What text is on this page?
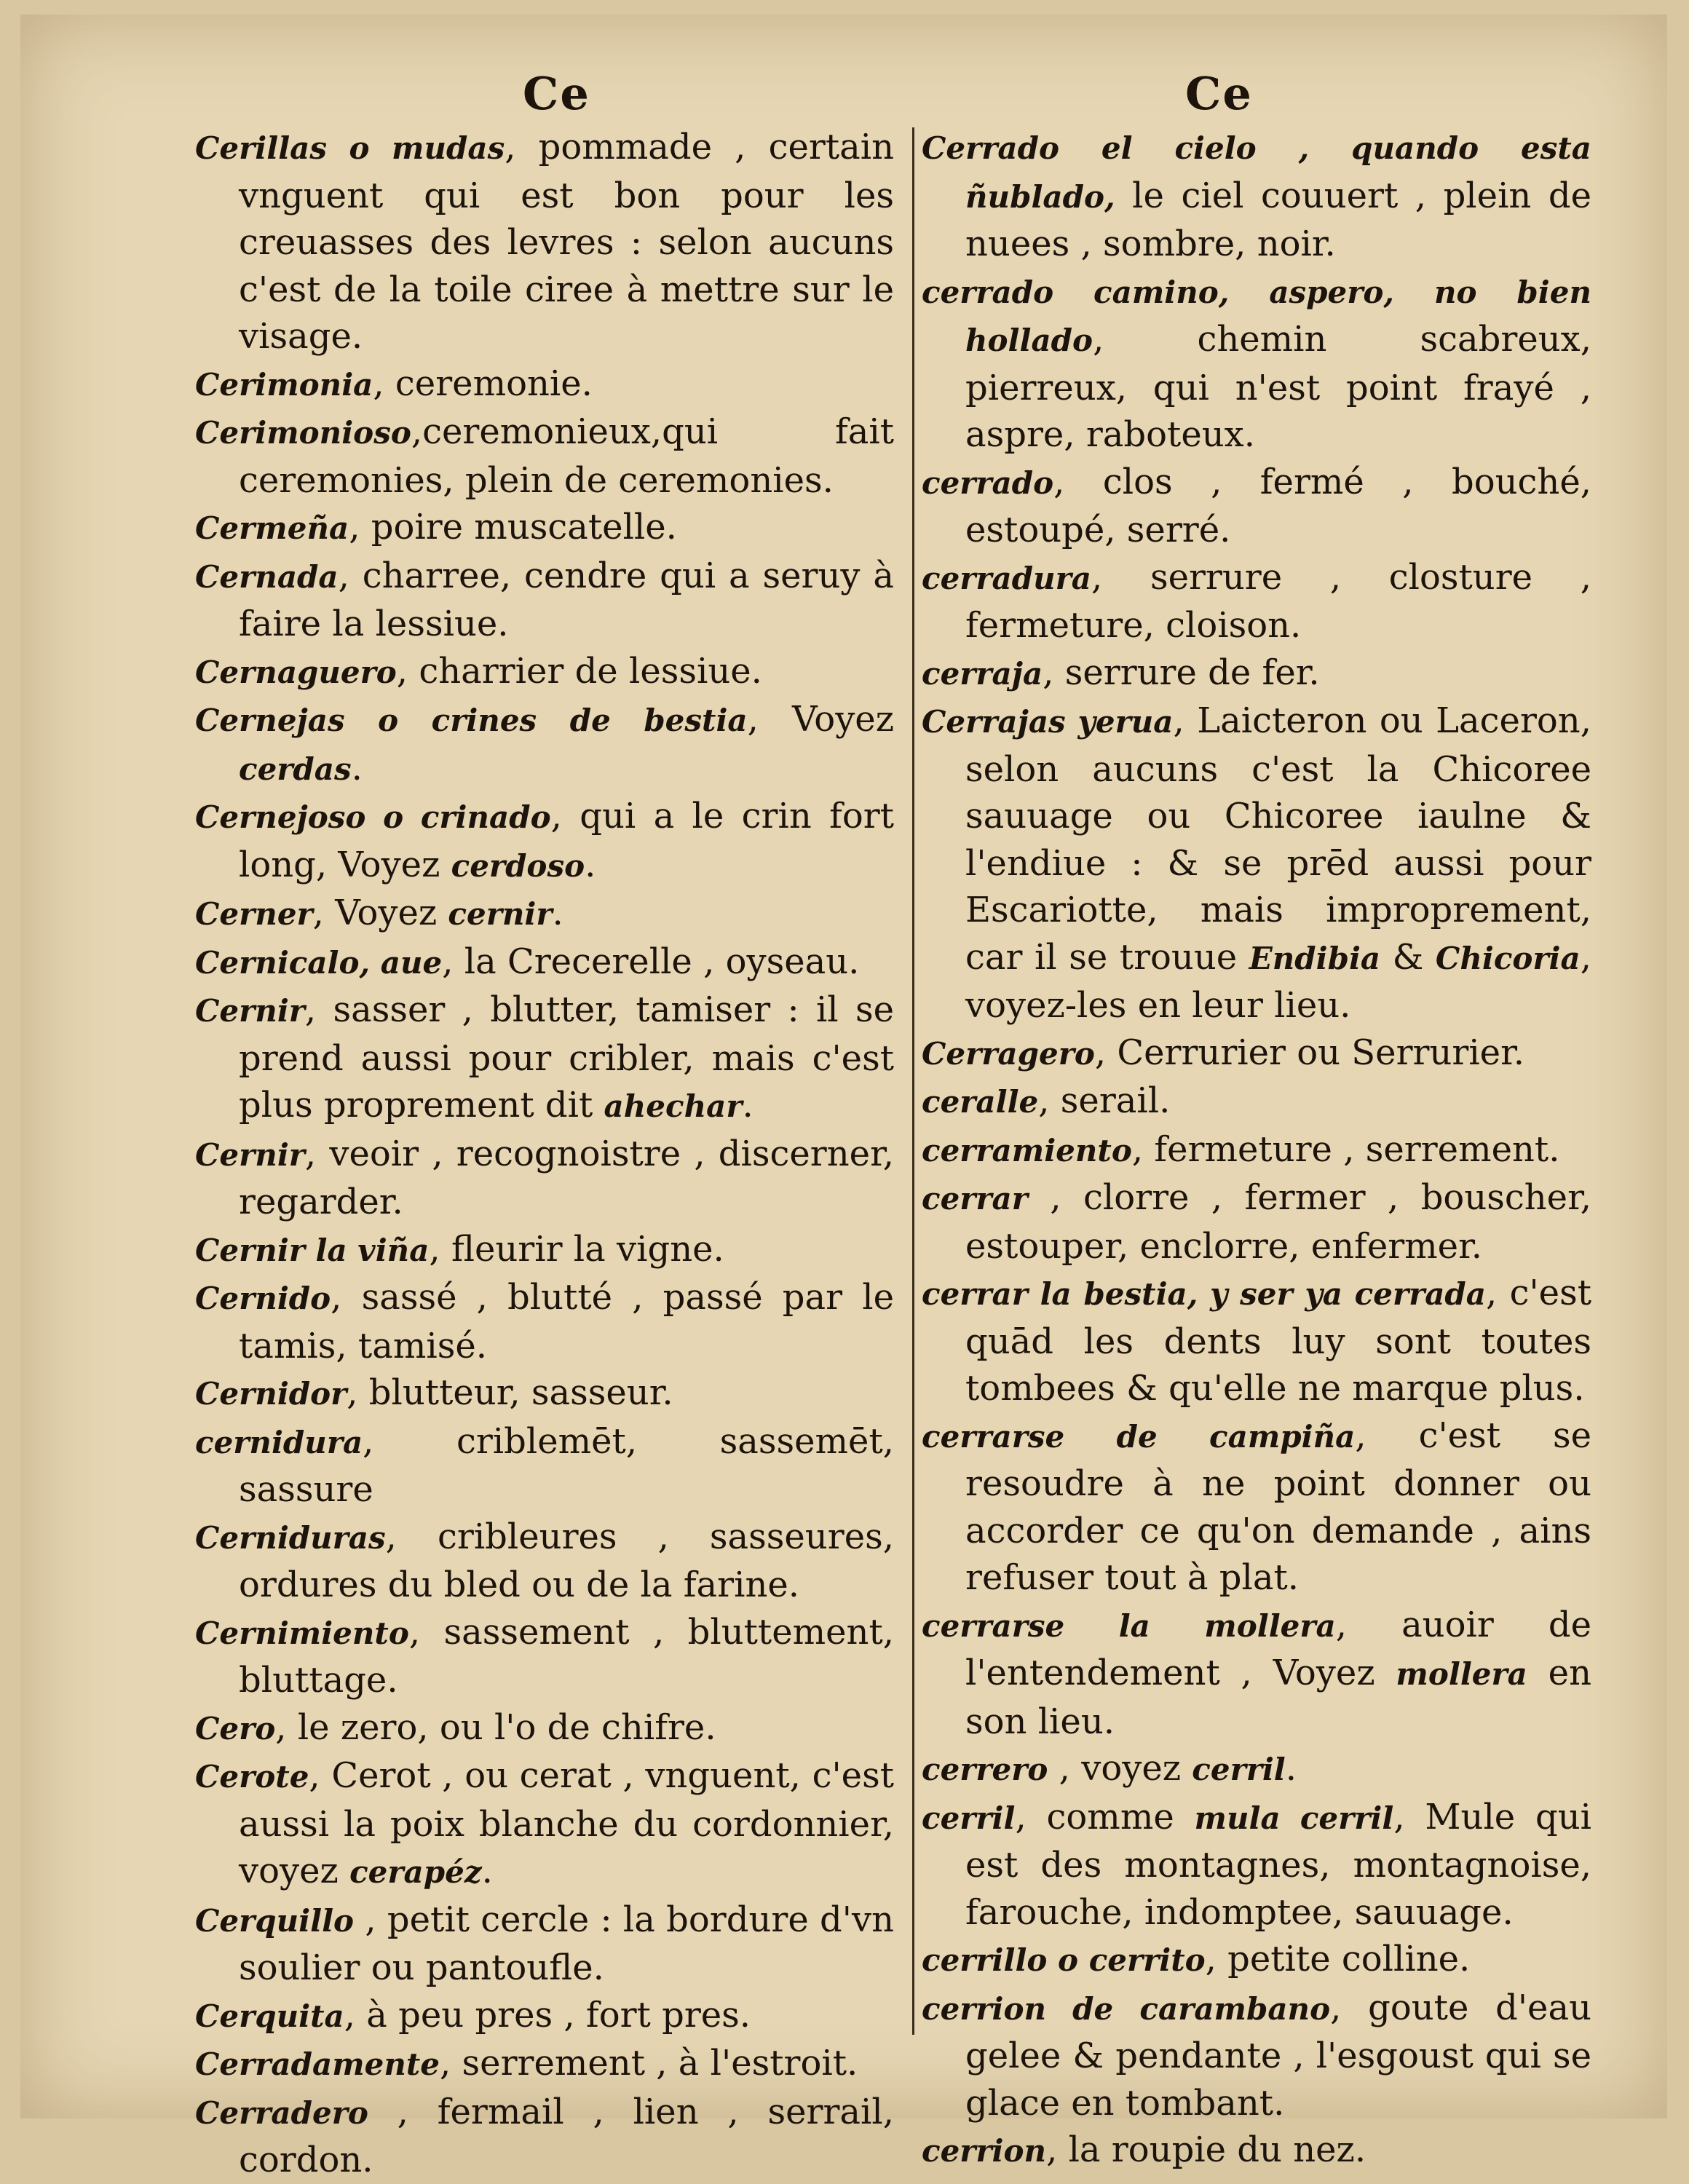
Ce	Ce
Cerillas o mudas, pommade , certain vnguent qui est bon pour les creuasses des levres : selon aucuns c'est de la toile ciree à mettre sur le visage.
Cerimonia, ceremonie.
Cerimonioso,ceremonieux,qui fait ceremonies, plein de ceremonies.
Cermeña, poire muscatelle.
Cernada, charree, cendre qui a seruy à faire la lessiue.
Cernaguero, charrier de lessiue.
Cernejas o crines de bestia, Voyez cerdas.
Cernejoso o crinado, qui a le crin fort long, Voyez cerdoso.
Cerner, Voyez cernir.
Cernicalo, aue, la Crecerelle , oyseau.
Cernir, sasser , blutter, tamiser : il se prend aussi pour cribler, mais c'est plus proprement dit ahechar.
Cernir, veoir , recognoistre , discerner, regarder.
Cernir la viña, fleurir la vigne.
Cernido, sassé , blutté , passé par le tamis, tamisé.
Cernidor, blutteur, sasseur.
cernidura, criblemēt, sassemēt, sassure
Cerniduras, cribleures , sasseures, ordures du bled ou de la farine.
Cernimiento, sassement , bluttement, bluttage.
Cero, le zero, ou l'o de chifre.
Cerote, Cerot , ou cerat , vnguent, c'est aussi la poix blanche du cordonnier, voyez cerapéz.
Cerquillo , petit cercle : la bordure d'vn soulier ou pantoufle.
Cerquita, à peu pres , fort pres.
Cerradamente, serrement , à l'estroit.
Cerradero , fermail , lien , serrail, cordon.
Cerrado el cielo , quando esta ñublado, le ciel couuert , plein de nuees , sombre, noir.
cerrado camino, aspero, no bien hollado, chemin scabreux, pierreux, qui n'est point frayé , aspre, raboteux.
cerrado, clos , fermé , bouché, estoupé, serré.
cerradura, serrure , closture , fermeture, cloison.
cerraja, serrure de fer.
Cerrajas yerua, Laicteron ou Laceron, selon aucuns c'est la Chicoree sauuage ou Chicoree iaulne & l'endiue : & se prēd aussi pour Escariotte, mais improprement, car il se trouue Endibia & Chicoria, voyez-les en leur lieu.
Cerragero, Cerrurier ou Serrurier.
ceralle, serail.
cerramiento, fermeture , serrement.
cerrar , clorre , fermer , bouscher, estouper, enclorre, enfermer.
cerrar la bestia, y ser ya cerrada, c'est quād les dents luy sont toutes tombees & qu'elle ne marque plus.
cerrarse de campiña, c'est se resoudre à ne point donner ou accorder ce qu'on demande , ains refuser tout à plat.
cerrarse la mollera, auoir de l'entendement , Voyez mollera en son lieu.
cerrero , voyez cerril.
cerril, comme mula cerril, Mule qui est des montagnes, montagnoise, farouche, indomptee, sauuage.
cerrillo o cerrito, petite colline.
cerrion de carambano, goute d'eau gelee & pendante , l'esgoust qui se glace en tombant.
cerrion, la roupie du nez.
